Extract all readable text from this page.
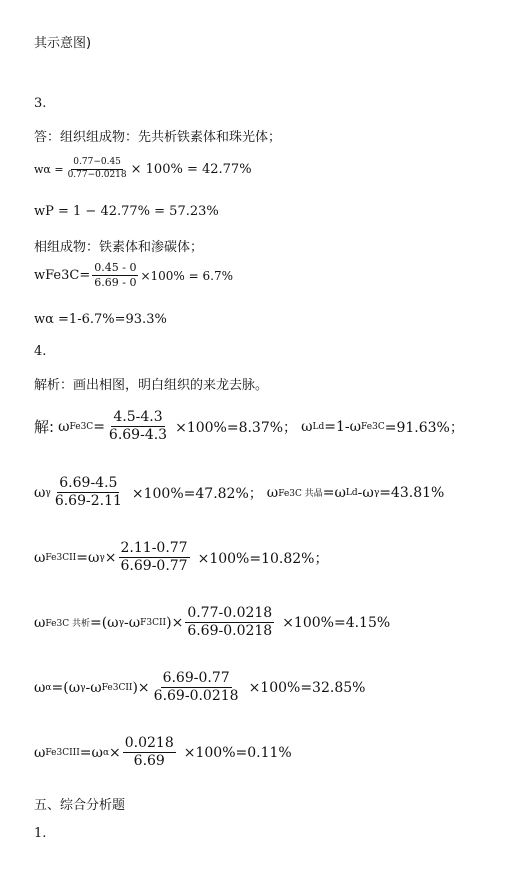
其示意图)
3.
答：组织组成物：先共析铁素体和珠光体；
$w\alpha = \frac{0.77-0.45}{0.77-0.0218} \times 100\% = 42.77\%$
wP = 1 − 42.77% = 57.23%
相组成物：铁素体和渗碳体；
$wFe3C= \frac{0.45 - 0}{6.69 - 0} \times 100\% = 6.7\%$
wα =1-6.7%=93.3%
4.
解析：画出相图，明白组织的来龙去脉。
解: ω $Fe3C = \frac{4.5-4.3}{6.69-4.3} \times 100\%=8.37\%$； ω Ld =1-ω Fe3C =91.63%；
ω γ $\frac{6.69-4.5}{6.69-2.11} \times 100\%=47.82\%$； ω Fe3C 共晶 =ω Ld -ω γ =43.81%
ω Fe3CII =ω $\gamma \times \frac{2.11-0.77}{6.69-0.77} \times 100\%=10.82\%$；
ω Fe3C 共析 =(ω γ -ω F3CII )× $\frac{0.77-0.0218}{6.69-0.0218} \times 100\%=4.15\%$
ω α =(ω γ -ω Fe3CII )× $\frac{6.69-0.77}{6.69-0.0218} \times 100\%=32.85\%$
ω Fe3CIII =ω $\alpha \times \frac{0.0218}{6.69} \times 100\%=0.11\%$
五、综合分析题
1.
